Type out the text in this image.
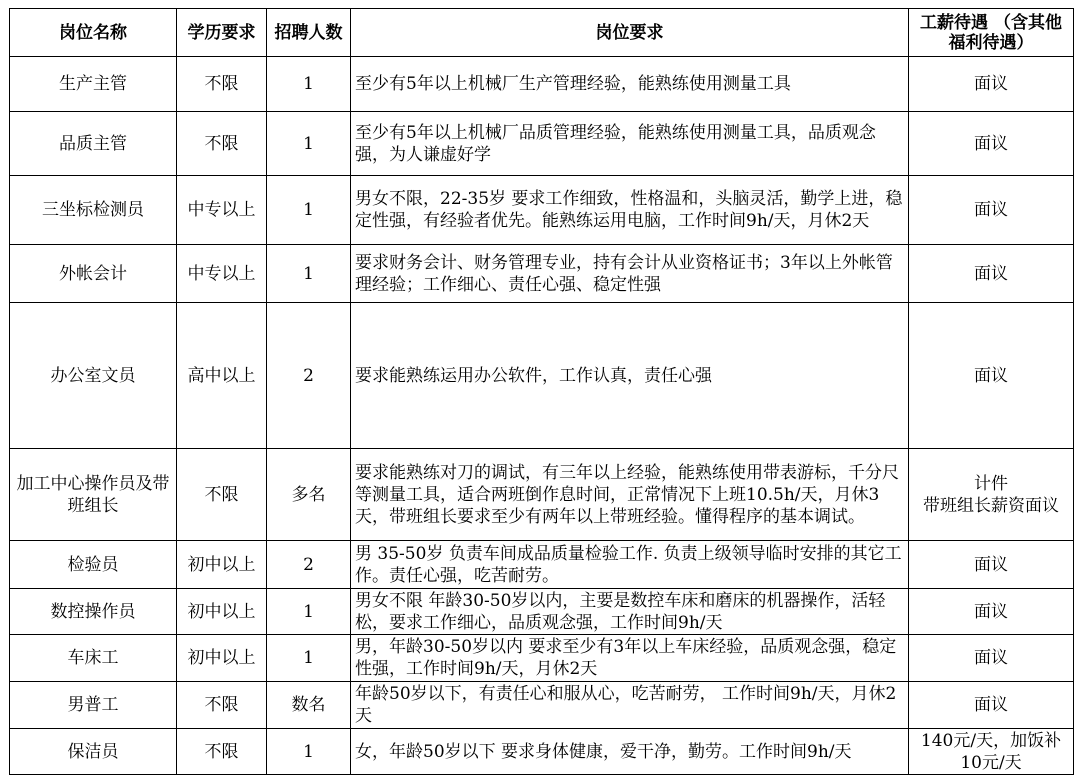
岗位名称	学历要求	招聘人数	岗位要求	工薪待遇 （含其他福利待遇）
生产主管	不限	1	至少有5年以上机械厂生产管理经验，能熟练使用测量工具	面议
品质主管	不限	1	至少有5年以上机械厂品质管理经验，能熟练使用测量工具，品质观念强，为人谦虚好学	面议
三坐标检测员	中专以上	1	男女不限，22-35岁 要求工作细致，性格温和，头脑灵活，勤学上进，稳定性强，有经验者优先。能熟练运用电脑，工作时间9h/天，月休2天	面议
外帐会计	中专以上	1	要求财务会计、财务管理专业，持有会计从业资格证书；3年以上外帐管理经验；工作细心、责任心强、稳定性强	面议
办公室文员	高中以上	2	要求能熟练运用办公软件，工作认真，责任心强	面议
加工中心操作员及带班组长	不限	多名	要求能熟练对刀的调试，有三年以上经验，能熟练使用带表游标，千分尺等测量工具，适合两班倒作息时间，正常情况下上班10.5h/天，月休3天，带班组长要求至少有两年以上带班经验。懂得程序的基本调试。	计件
带班组长薪资面议
检验员	初中以上	2	男 35-50岁 负责车间成品质量检验工作. 负责上级领导临时安排的其它工作。责任心强，吃苦耐劳。	面议
数控操作员	初中以上	1	男女不限 年龄30-50岁以内，主要是数控车床和磨床的机器操作，活轻松，要求工作细心，品质观念强，工作时间9h/天	面议
车床工	初中以上	1	男，年龄30-50岁以内 要求至少有3年以上车床经验，品质观念强，稳定性强，工作时间9h/天，月休2天	面议
男普工	不限	数名	年龄50岁以下，有责任心和服从心，吃苦耐劳， 工作时间9h/天，月休2天	面议
保洁员	不限	1	女，年龄50岁以下 要求身体健康，爱干净，勤劳。工作时间9h/天	140元/天，加饭补10元/天
